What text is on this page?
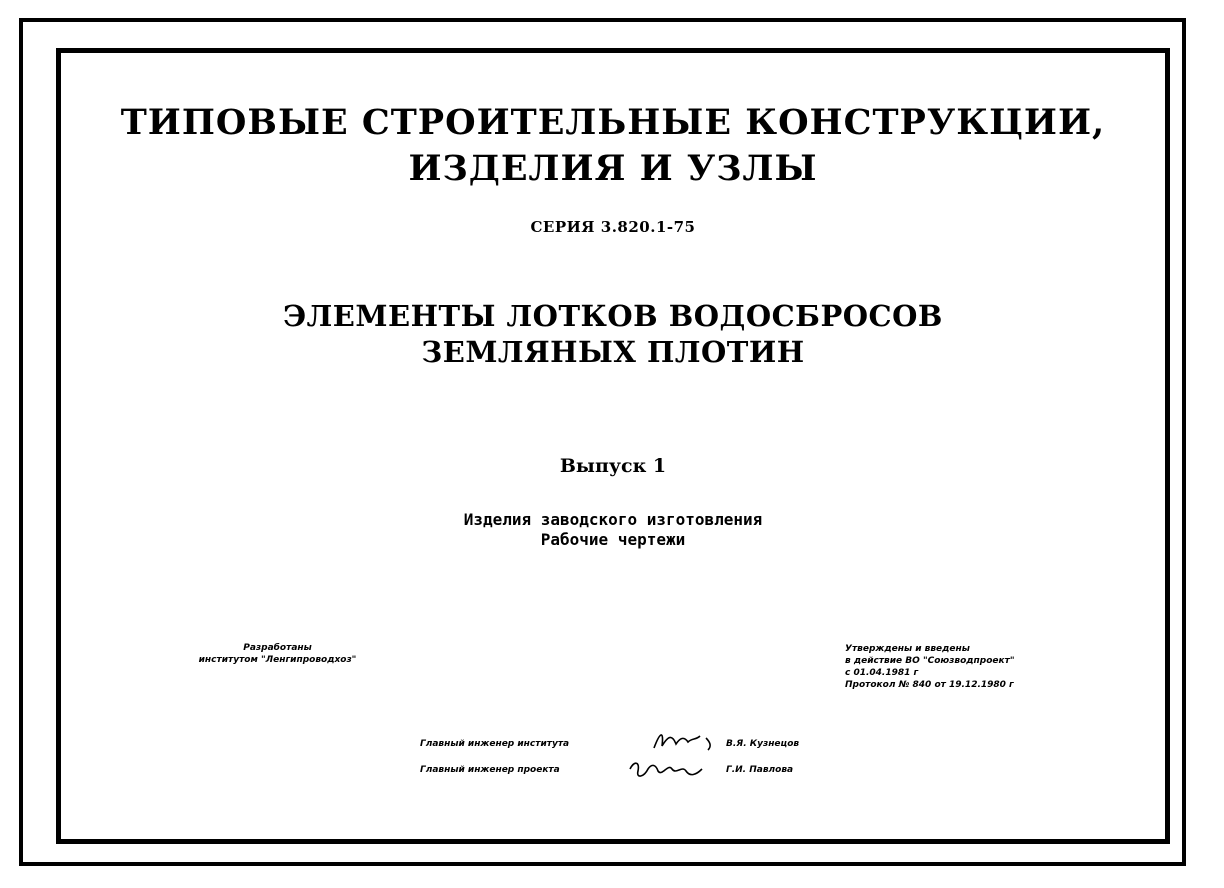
ТИПОВЫЕ СТРОИТЕЛЬНЫЕ КОНСТРУКЦИИ,
ИЗДЕЛИЯ И УЗЛЫ
СЕРИЯ 3.820.1-75
ЭЛЕМЕНТЫ ЛОТКОВ ВОДОСБРОСОВ
ЗЕМЛЯНЫХ ПЛОТИН
Выпуск 1
Изделия заводского изготовления
Рабочие чертежи
Разработаны
институтом "Ленгипроводхоз"
Утверждены и введены
в действие ВО "Союзводпроект"
с 01.04.1981 г
Протокол № 840 от 19.12.1980 г
Главный инженер института	В.Я. Кузнецов
Главный инженер проекта	Г.И. Павлова
